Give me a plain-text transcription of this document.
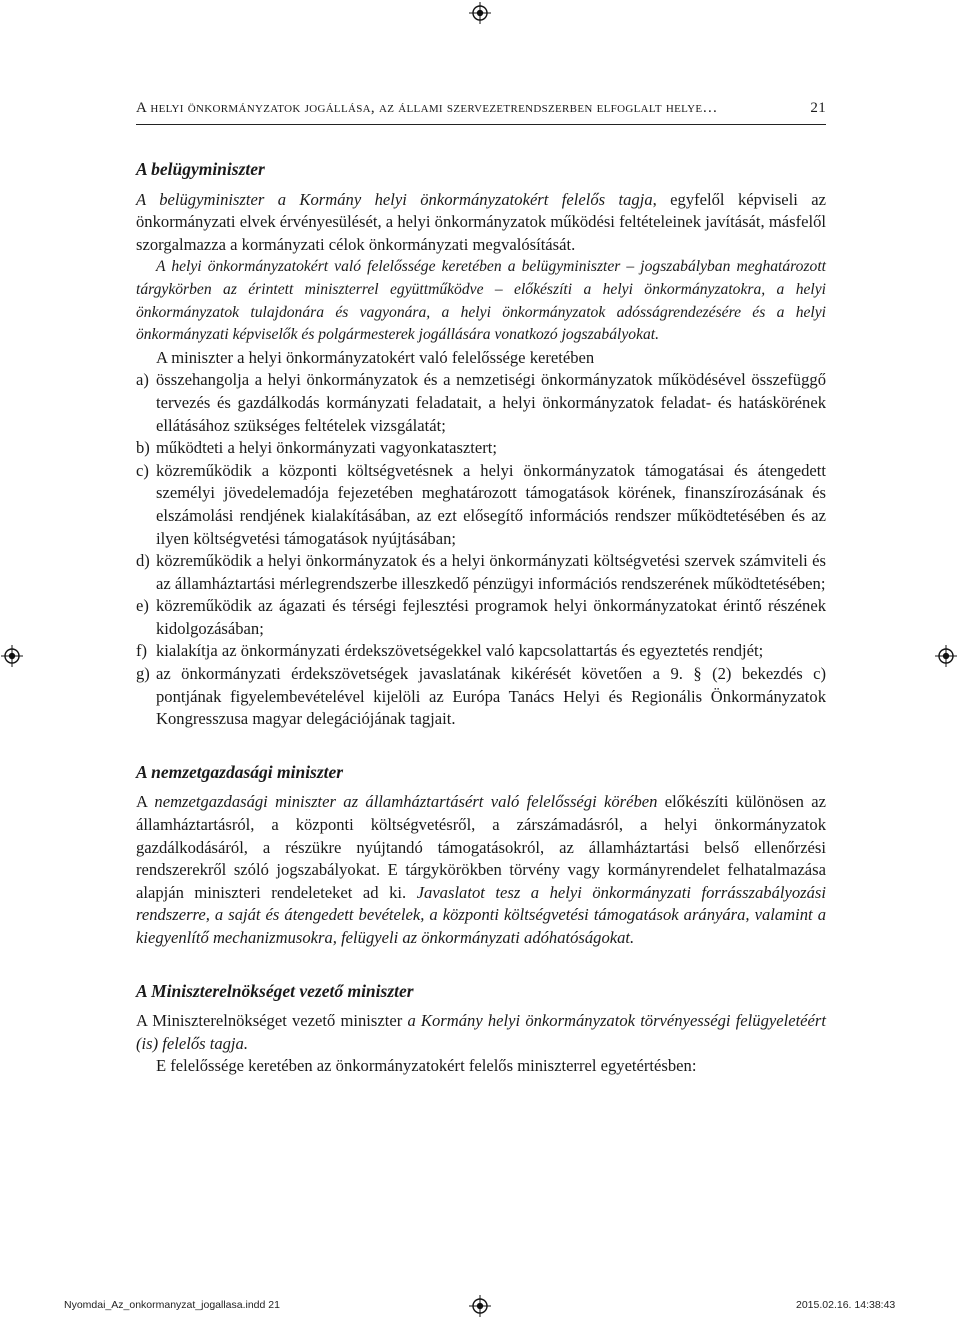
A helyi önkormányzatok jogállása, az állami szervezetrendszerben elfoglalt helye…	21
A belügyminiszter

A belügyminiszter a Kormány helyi önkormányzatokért felelős tagja, egyfelől képviseli az önkormányzati elvek érvényesülését, a helyi önkormányzatok működési feltételeinek javítását, másfelől szorgalmazza a kormányzati célok önkormányzati megvalósítását.

A helyi önkormányzatokért való felelőssége keretében a belügyminiszter – jogszabályban meghatározott tárgykörben az érintett miniszterrel együttműködve – előkészíti a helyi önkormányzatokra, a helyi önkormányzatok tulajdonára és vagyonára, a helyi önkormányzatok adósságrendezésére és a helyi önkormányzati képviselők és polgármesterek jogállására vonatkozó jogszabályokat.

A miniszter a helyi önkormányzatokért való felelőssége keretében

a) összehangolja a helyi önkormányzatok és a nemzetiségi önkormányzatok működésével összefüggő tervezés és gazdálkodás kormányzati feladatait, a helyi önkormányzatok feladat- és hatáskörének ellátásához szükséges feltételek vizsgálatát;
b) működteti a helyi önkormányzati vagyonkatasztert;
c) közreműködik a központi költségvetésnek a helyi önkormányzatok támogatásai és átengedett személyi jövedelemadója fejezetében meghatározott támogatások körének, finanszírozásának és elszámolási rendjének kialakításában, az ezt elősegítő információs rendszer működtetésében és az ilyen költségvetési támogatások nyújtásában;
d) közreműködik a helyi önkormányzatok és a helyi önkormányzati költségvetési szervek számviteli és az államháztartási mérlegrendszerbe illeszkedő pénzügyi információs rendszerének működtetésében;
e) közreműködik az ágazati és térségi fejlesztési programok helyi önkormányzatokat érintő részének kidolgozásában;
f) kialakítja az önkormányzati érdekszövetségekkel való kapcsolattartás és egyeztetés rendjét;
g) az önkormányzati érdekszövetségek javaslatának kikérését követően a 9. § (2) bekezdés c) pontjának figyelembevételével kijelöli az Európa Tanács Helyi és Regionális Önkormányzatok Kongresszusa magyar delegációjának tagjait.
A nemzetgazdasági miniszter

A nemzetgazdasági miniszter az államháztartásért való felelősségi körében előkészíti különösen az államháztartásról, a központi költségvetésről, a zárszámadásról, a helyi önkormányzatok gazdálkodásáról, a részükre nyújtandó támogatásokról, az államháztartási belső ellenőrzési rendszerekről szóló jogszabályokat. E tárgykörökben törvény vagy kormányrendelet felhatalmazása alapján miniszteri rendeleteket ad ki. Javaslatot tesz a helyi önkormányzati forrásszabályozási rendszerre, a saját és átengedett bevételek, a központi költségvetési támogatások arányára, valamint a kiegyenlítő mechanizmusokra, felügyeli az önkormányzati adóhatóságokat.

A Miniszterelnökséget vezető miniszter

A Miniszterelnökséget vezető miniszter a Kormány helyi önkormányzatok törvényességi felügyeletéért (is) felelős tagja.

E felelőssége keretében az önkormányzatokért felelős miniszterrel egyetértésben:

Nyomdai_Az_onkormanyzat_jogallasa.indd 21	2015.02.16. 14:38:43
